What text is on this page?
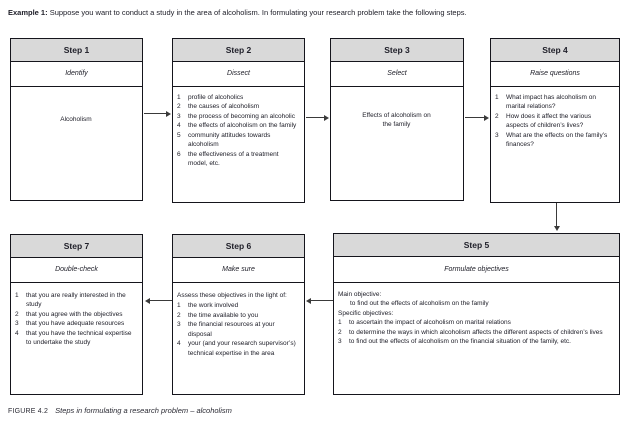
Example 1: Suppose you want to conduct a study in the area of alcoholism. In formulating your research problem take the following steps.
Step 1
Identify
Alcoholism
Step 2
Dissect
1	profile of alcoholics
2	the causes of alcoholism
3	the process of becoming an alcoholic
4	the effects of alcoholism on the family
5	community attitudes towards alcoholism
6	the effectiveness of a treatment model, etc.
Step 3
Select
Effects of alcoholism on the family
Step 4
Raise questions
1	What impact has alcoholism on marital relations?
2	How does it affect the various aspects of children’s lives?
3	What are the effects on the family’s finances?
Step 7
Double-check
1	that you are really interested in the study
2	that you agree with the objectives
3	that you have adequate resources
4	that you have the technical expertise to undertake the study
Step 6
Make sure
Assess these objectives in the light of:
1	the work involved
2	the time available to you
3	the financial resources at your disposal
4	your (and your research supervisor’s) technical expertise in the area
Step 5
Formulate objectives
Main objective:
to find out the effects of alcoholism on the family
Specific objectives:
1	to ascertain the impact of alcoholism on marital relations
2	to determine the ways in which alcoholism affects the different aspects of children’s lives
3	to find out the effects of alcoholism on the financial situation of the family, etc.
FIGURE 4.2 Steps in formulating a research problem – alcoholism
